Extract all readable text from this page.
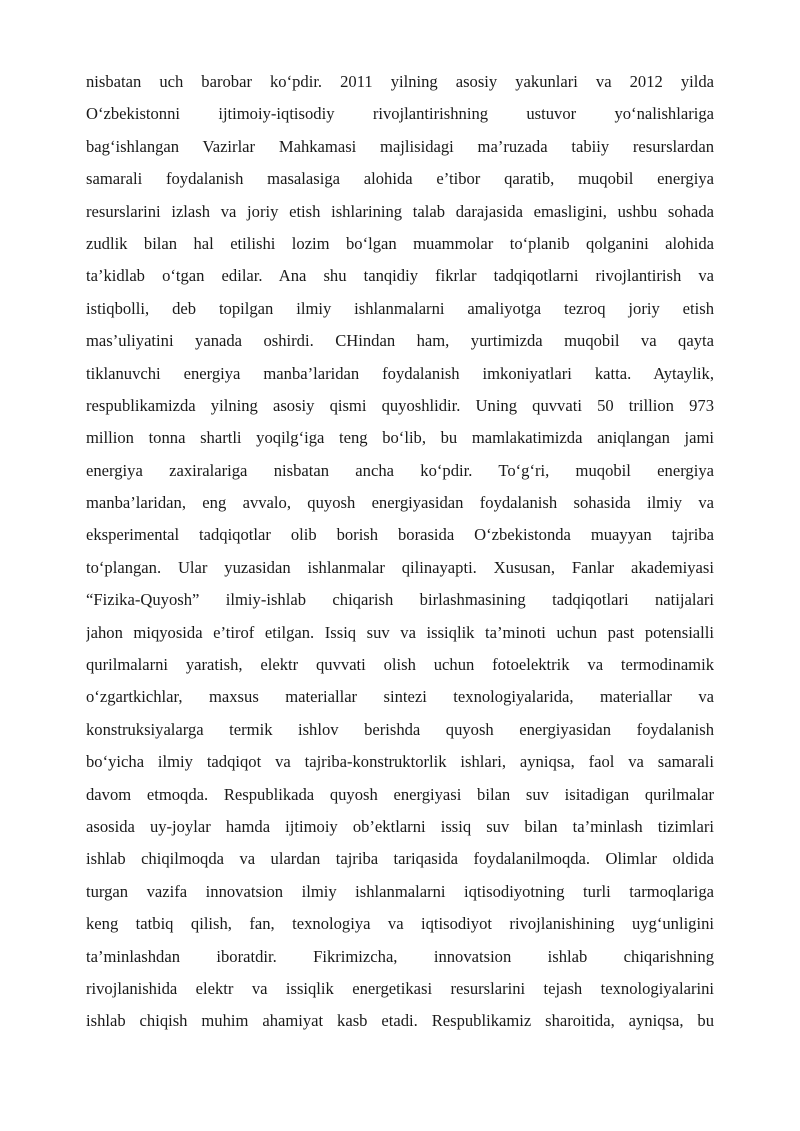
nisbatan uch barobar ko‘pdir. 2011 yilning asosiy yakunlari va 2012 yilda
O‘zbekistonni ijtimoiy-iqtisodiy rivojlantirishning ustuvor yo‘nalishlariga
bag‘ishlangan Vazirlar Mahkamasi majlisidagi ma’ruzada tabiiy resurslardan
samarali foydalanish masalasiga alohida e’tibor qaratib, muqobil energiya
resurslarini izlash va joriy etish ishlarining talab darajasida emasligini, ushbu sohada
zudlik bilan hal etilishi lozim bo‘lgan muammolar to‘planib qolganini alohida
ta’kidlab o‘tgan edilar. Ana shu tanqidiy fikrlar tadqiqotlarni rivojlantirish va
istiqbolli, deb topilgan ilmiy ishlanmalarni amaliyotga tezroq joriy etish
mas’uliyatini yanada oshirdi. CHindan ham, yurtimizda muqobil va qayta
tiklanuvchi energiya manba’laridan foydalanish imkoniyatlari katta. Aytaylik,
respublikamizda yilning asosiy qismi quyoshlidir. Uning quvvati 50 trillion 973
million tonna shartli yoqilg‘iga teng bo‘lib, bu mamlakatimizda aniqlangan jami
energiya zaxiralariga nisbatan ancha ko‘pdir. To‘g‘ri, muqobil energiya
manba’laridan, eng avvalo, quyosh energiyasidan foydalanish sohasida ilmiy va
eksperimental tadqiqotlar olib borish borasida O‘zbekistonda muayyan tajriba
to‘plangan. Ular yuzasidan ishlanmalar qilinayapti. Xususan, Fanlar akademiyasi
“Fizika-Quyosh” ilmiy-ishlab chiqarish birlashmasining tadqiqotlari natijalari
jahon miqyosida e’tirof etilgan. Issiq suv va issiqlik ta’minoti uchun past potensialli
qurilmalarni yaratish, elektr quvvati olish uchun fotoelektrik va termodinamik
o‘zgartkichlar, maxsus materiallar sintezi texnologiyalarida, materiallar va
konstruksiyalarga termik ishlov berishda quyosh energiyasidan foydalanish
bo‘yicha ilmiy tadqiqot va tajriba-konstruktorlik ishlari, ayniqsa, faol va samarali
davom etmoqda. Respublikada quyosh energiyasi bilan suv isitadigan qurilmalar
asosida uy-joylar hamda ijtimoiy ob’ektlarni issiq suv bilan ta’minlash tizimlari
ishlab chiqilmoqda va ulardan tajriba tariqasida foydalanilmoqda. Olimlar oldida
turgan vazifa innovatsion ilmiy ishlanmalarni iqtisodiyotning turli tarmoqlariga
keng tatbiq qilish, fan, texnologiya va iqtisodiyot rivojlanishining uyg‘unligini
ta’minlashdan iboratdir. Fikrimizcha, innovatsion ishlab chiqarishning
rivojlanishida elektr va issiqlik energetikasi resurslarini tejash texnologiyalarini
ishlab chiqish muhim ahamiyat kasb etadi. Respublikamiz sharoitida, ayniqsa, bu
